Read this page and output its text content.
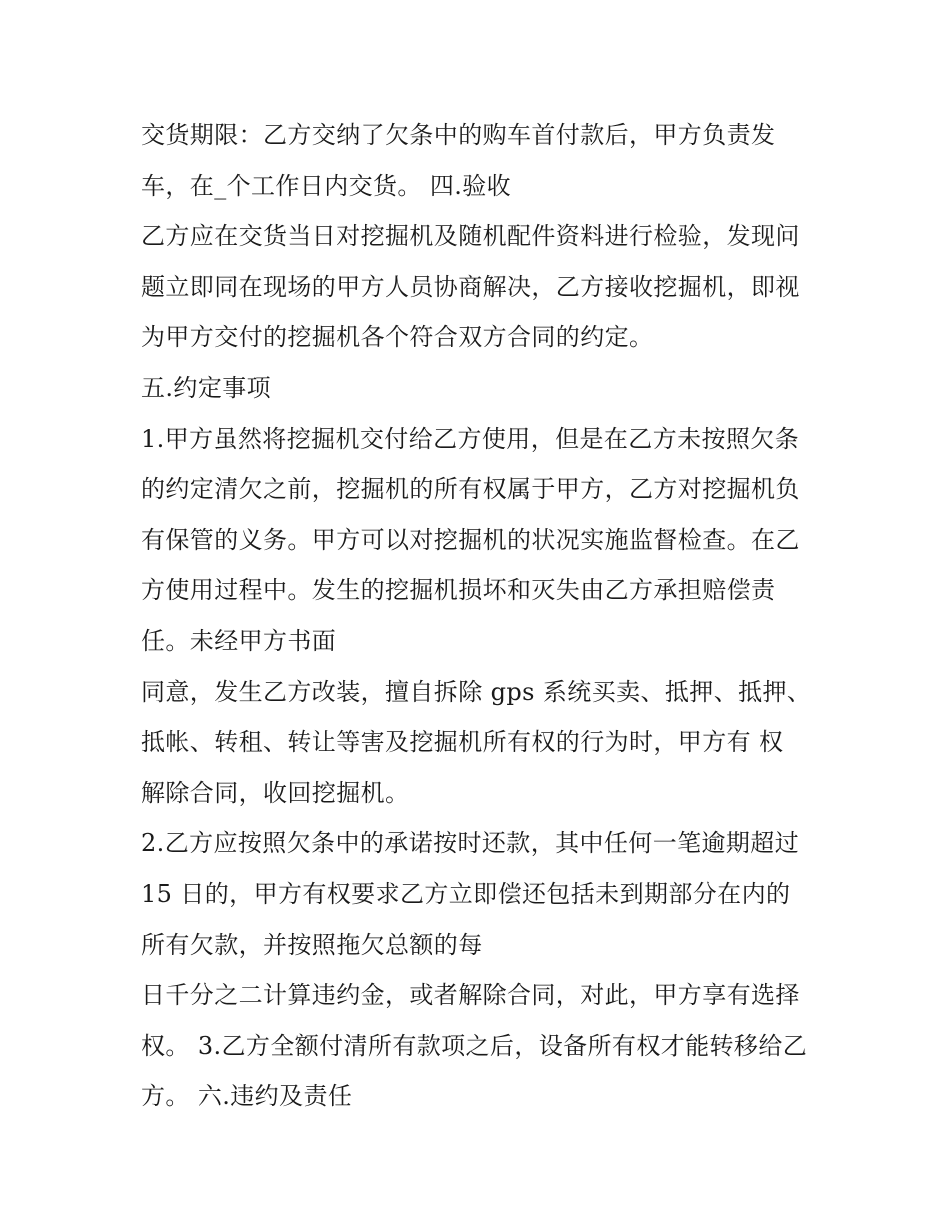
交货期限：乙方交纳了欠条中的购车首付款后，甲方负责发
车，在_个工作日内交货。 四.验收
乙方应在交货当日对挖掘机及随机配件资料进行检验，发现问
题立即同在现场的甲方人员协商解决，乙方接收挖掘机，即视
为甲方交付的挖掘机各个符合双方合同的约定。
五.约定事项
1.甲方虽然将挖掘机交付给乙方使用，但是在乙方未按照欠条
的约定清欠之前，挖掘机的所有权属于甲方，乙方对挖掘机负
有保管的义务。甲方可以对挖掘机的状况实施监督检查。在乙
方使用过程中。发生的挖掘机损坏和灭失由乙方承担赔偿责
任。未经甲方书面
同意，发生乙方改装，擅自拆除 gps 系统买卖、抵押、抵押、
抵帐、转租、转让等害及挖掘机所有权的行为时，甲方有 权
解除合同，收回挖掘机。
2.乙方应按照欠条中的承诺按时还款，其中任何一笔逾期超过
15 日的，甲方有权要求乙方立即偿还包括未到期部分在内的
所有欠款，并按照拖欠总额的每
日千分之二计算违约金，或者解除合同，对此，甲方享有选择
权。 3.乙方全额付清所有款项之后，设备所有权才能转移给乙
方。 六.违约及责任
